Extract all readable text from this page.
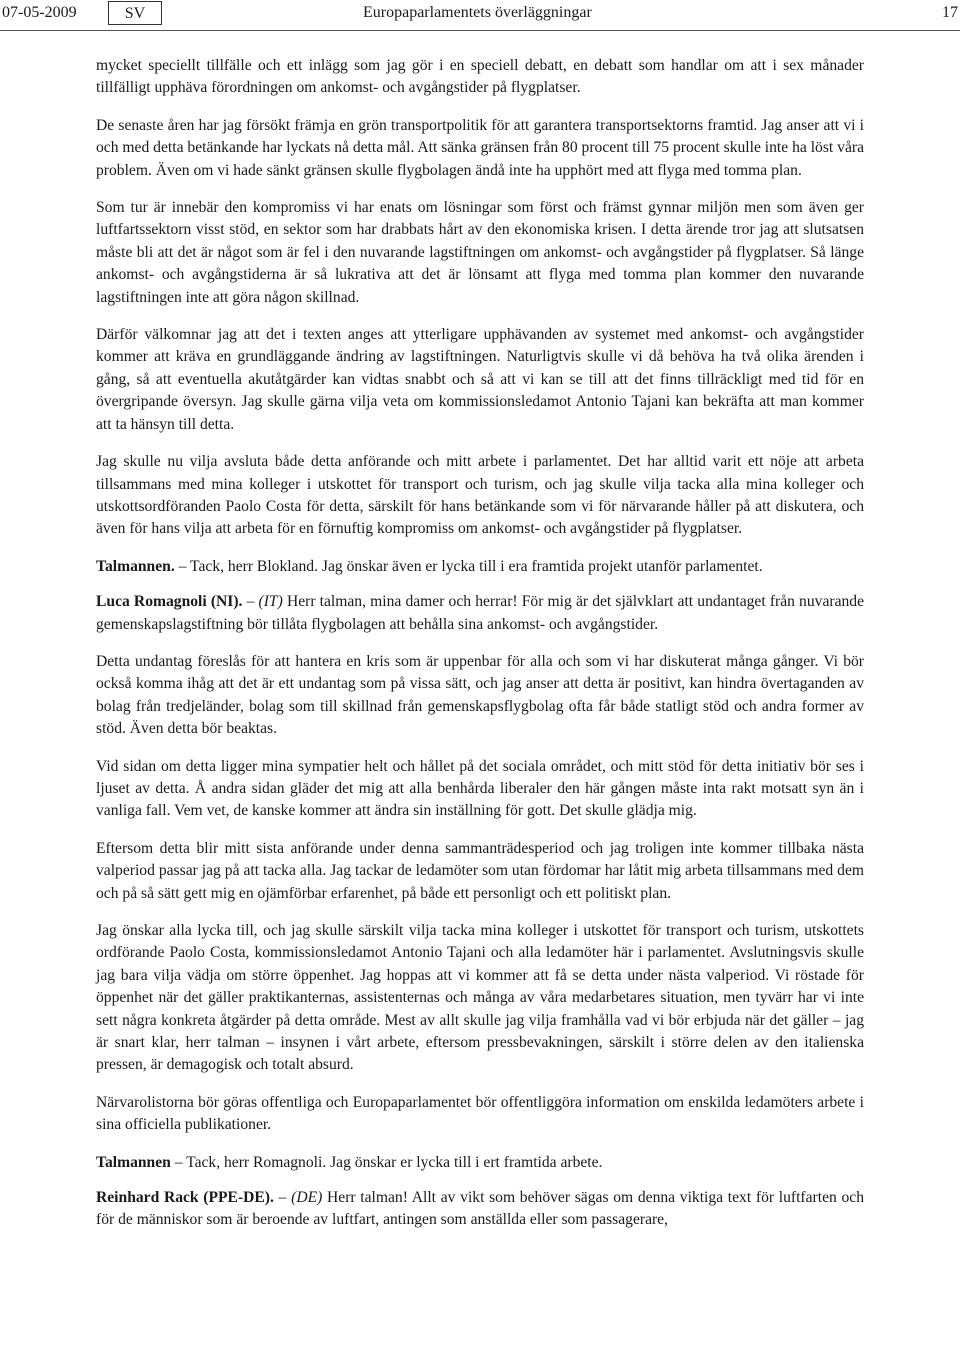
07-05-2009	SV	Europaparlamentets överläggningar	17

mycket speciellt tillfälle och ett inlägg som jag gör i en speciell debatt, en debatt som handlar om att i sex månader tillfälligt upphäva förordningen om ankomst- och avgångstider på flygplatser.

De senaste åren har jag försökt främja en grön transportpolitik för att garantera transportsektorns framtid. Jag anser att vi i och med detta betänkande har lyckats nå detta mål. Att sänka gränsen från 80 procent till 75 procent skulle inte ha löst våra problem. Även om vi hade sänkt gränsen skulle flygbolagen ändå inte ha upphört med att flyga med tomma plan.

Som tur är innebär den kompromiss vi har enats om lösningar som först och främst gynnar miljön men som även ger luftfartssektorn visst stöd, en sektor som har drabbats hårt av den ekonomiska krisen. I detta ärende tror jag att slutsatsen måste bli att det är något som är fel i den nuvarande lagstiftningen om ankomst- och avgångstider på flygplatser. Så länge ankomst- och avgångstiderna är så lukrativa att det är lönsamt att flyga med tomma plan kommer den nuvarande lagstiftningen inte att göra någon skillnad.

Därför välkomnar jag att det i texten anges att ytterligare upphävanden av systemet med ankomst- och avgångstider kommer att kräva en grundläggande ändring av lagstiftningen. Naturligtvis skulle vi då behöva ha två olika ärenden i gång, så att eventuella akutåtgärder kan vidtas snabbt och så att vi kan se till att det finns tillräckligt med tid för en övergripande översyn. Jag skulle gärna vilja veta om kommissionsledamot Antonio Tajani kan bekräfta att man kommer att ta hänsyn till detta.

Jag skulle nu vilja avsluta både detta anförande och mitt arbete i parlamentet. Det har alltid varit ett nöje att arbeta tillsammans med mina kolleger i utskottet för transport och turism, och jag skulle vilja tacka alla mina kolleger och utskottsordföranden Paolo Costa för detta, särskilt för hans betänkande som vi för närvarande håller på att diskutera, och även för hans vilja att arbeta för en förnuftig kompromiss om ankomst- och avgångstider på flygplatser.

Talmannen. – Tack, herr Blokland. Jag önskar även er lycka till i era framtida projekt utanför parlamentet.

Luca Romagnoli (NI). – (IT) Herr talman, mina damer och herrar! För mig är det självklart att undantaget från nuvarande gemenskapslagstiftning bör tillåta flygbolagen att behålla sina ankomst- och avgångstider.

Detta undantag föreslås för att hantera en kris som är uppenbar för alla och som vi har diskuterat många gånger. Vi bör också komma ihåg att det är ett undantag som på vissa sätt, och jag anser att detta är positivt, kan hindra övertaganden av bolag från tredjeländer, bolag som till skillnad från gemenskapsflygbolag ofta får både statligt stöd och andra former av stöd. Även detta bör beaktas.

Vid sidan om detta ligger mina sympatier helt och hållet på det sociala området, och mitt stöd för detta initiativ bör ses i ljuset av detta. Å andra sidan gläder det mig att alla benhårda liberaler den här gången måste inta rakt motsatt syn än i vanliga fall. Vem vet, de kanske kommer att ändra sin inställning för gott. Det skulle glädja mig.

Eftersom detta blir mitt sista anförande under denna sammanträdesperiod och jag troligen inte kommer tillbaka nästa valperiod passar jag på att tacka alla. Jag tackar de ledamöter som utan fördomar har låtit mig arbeta tillsammans med dem och på så sätt gett mig en ojämförbar erfarenhet, på både ett personligt och ett politiskt plan.

Jag önskar alla lycka till, och jag skulle särskilt vilja tacka mina kolleger i utskottet för transport och turism, utskottets ordförande Paolo Costa, kommissionsledamot Antonio Tajani och alla ledamöter här i parlamentet. Avslutningsvis skulle jag bara vilja vädja om större öppenhet. Jag hoppas att vi kommer att få se detta under nästa valperiod. Vi röstade för öppenhet när det gäller praktikanternas, assistenternas och många av våra medarbetares situation, men tyvärr har vi inte sett några konkreta åtgärder på detta område. Mest av allt skulle jag vilja framhålla vad vi bör erbjuda när det gäller – jag är snart klar, herr talman – insynen i vårt arbete, eftersom pressbevakningen, särskilt i större delen av den italienska pressen, är demagogisk och totalt absurd.

Närvarolistorna bör göras offentliga och Europaparlamentet bör offentliggöra information om enskilda ledamöters arbete i sina officiella publikationer.

Talmannen – Tack, herr Romagnoli. Jag önskar er lycka till i ert framtida arbete.

Reinhard Rack (PPE-DE). – (DE) Herr talman! Allt av vikt som behöver sägas om denna viktiga text för luftfarten och för de människor som är beroende av luftfart, antingen som anställda eller som passagerare,
